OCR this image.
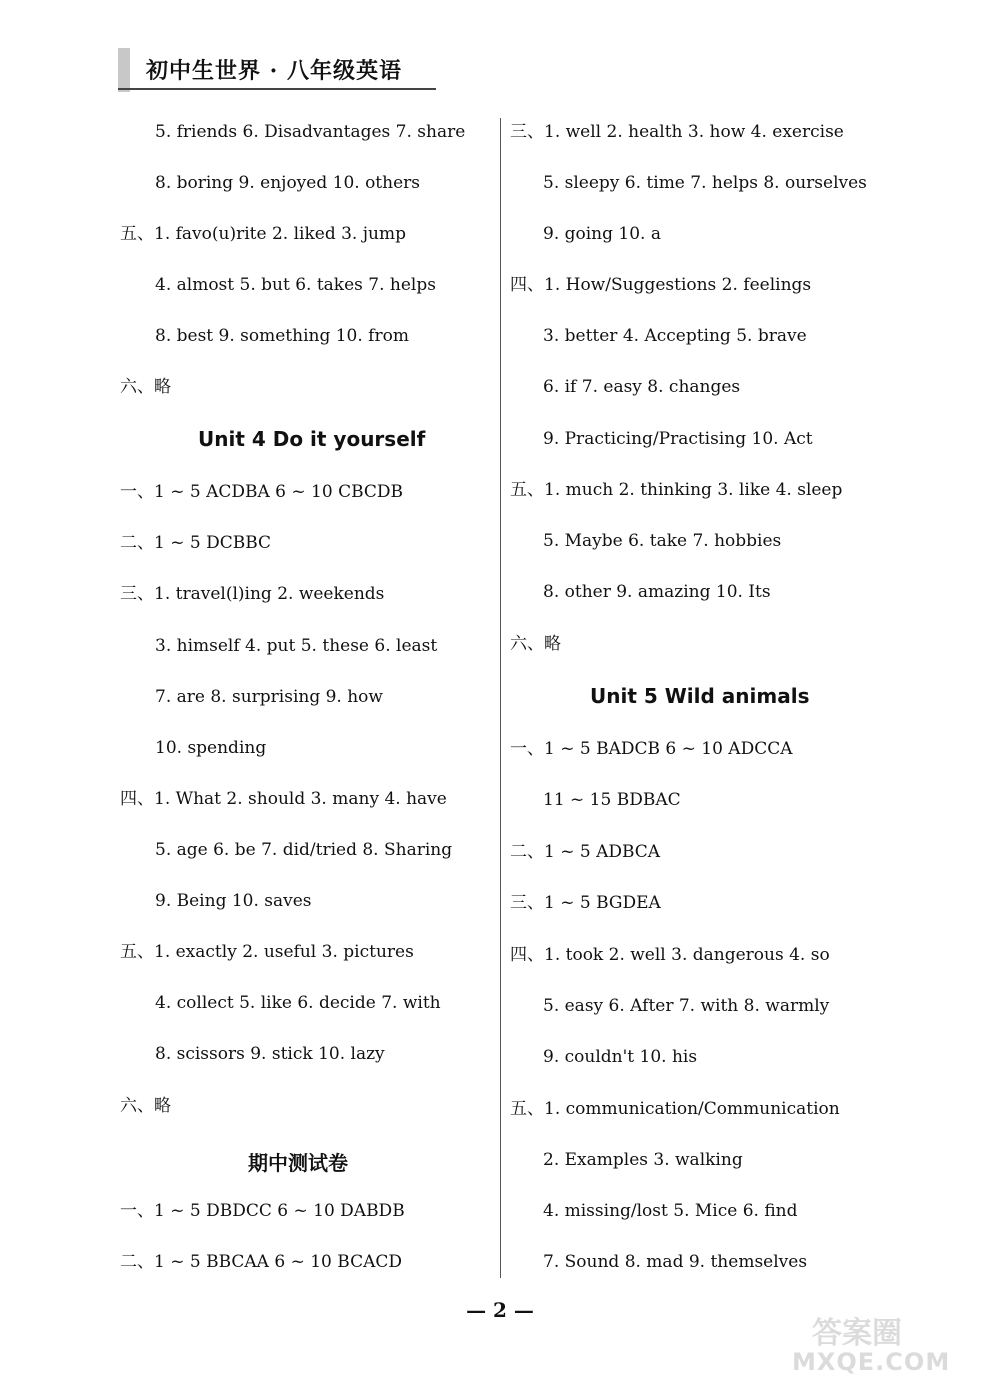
初中生世界 · 八年级英语
5. friends 6. Disadvantages 7. share
8. boring 9. enjoyed 10. others
五、1. favo(u)rite 2. liked 3. jump
4. almost 5. but 6. takes 7. helps
8. best 9. something 10. from
六、略
Unit 4 Do it yourself
一、1 ~ 5 ACDBA 6 ~ 10 CBCDB
二、1 ~ 5 DCBBC
三、1. travel(l)ing 2. weekends
3. himself 4. put 5. these 6. least
7. are 8. surprising 9. how
10. spending
四、1. What 2. should 3. many 4. have
5. age 6. be 7. did/tried 8. Sharing
9. Being 10. saves
五、1. exactly 2. useful 3. pictures
4. collect 5. like 6. decide 7. with
8. scissors 9. stick 10. lazy
六、略
期中测试卷
一、1 ~ 5 DBDCC 6 ~ 10 DABDB
二、1 ~ 5 BBCAA 6 ~ 10 BCACD
三、1. well 2. health 3. how 4. exercise
5. sleepy 6. time 7. helps 8. ourselves
9. going 10. a
四、1. How/Suggestions 2. feelings
3. better 4. Accepting 5. brave
6. if 7. easy 8. changes
9. Practicing/Practising 10. Act
五、1. much 2. thinking 3. like 4. sleep
5. Maybe 6. take 7. hobbies
8. other 9. amazing 10. Its
六、略
Unit 5 Wild animals
一、1 ~ 5 BADCB 6 ~ 10 ADCCA
11 ~ 15 BDBAC
二、1 ~ 5 ADBCA
三、1 ~ 5 BGDEA
四、1. took 2. well 3. dangerous 4. so
5. easy 6. After 7. with 8. warmly
9. couldn't 10. his
五、1. communication/Communication
2. Examples 3. walking
4. missing/lost 5. Mice 6. find
7. Sound 8. mad 9. themselves
— 2 —
答案圈
MXQE.COM
